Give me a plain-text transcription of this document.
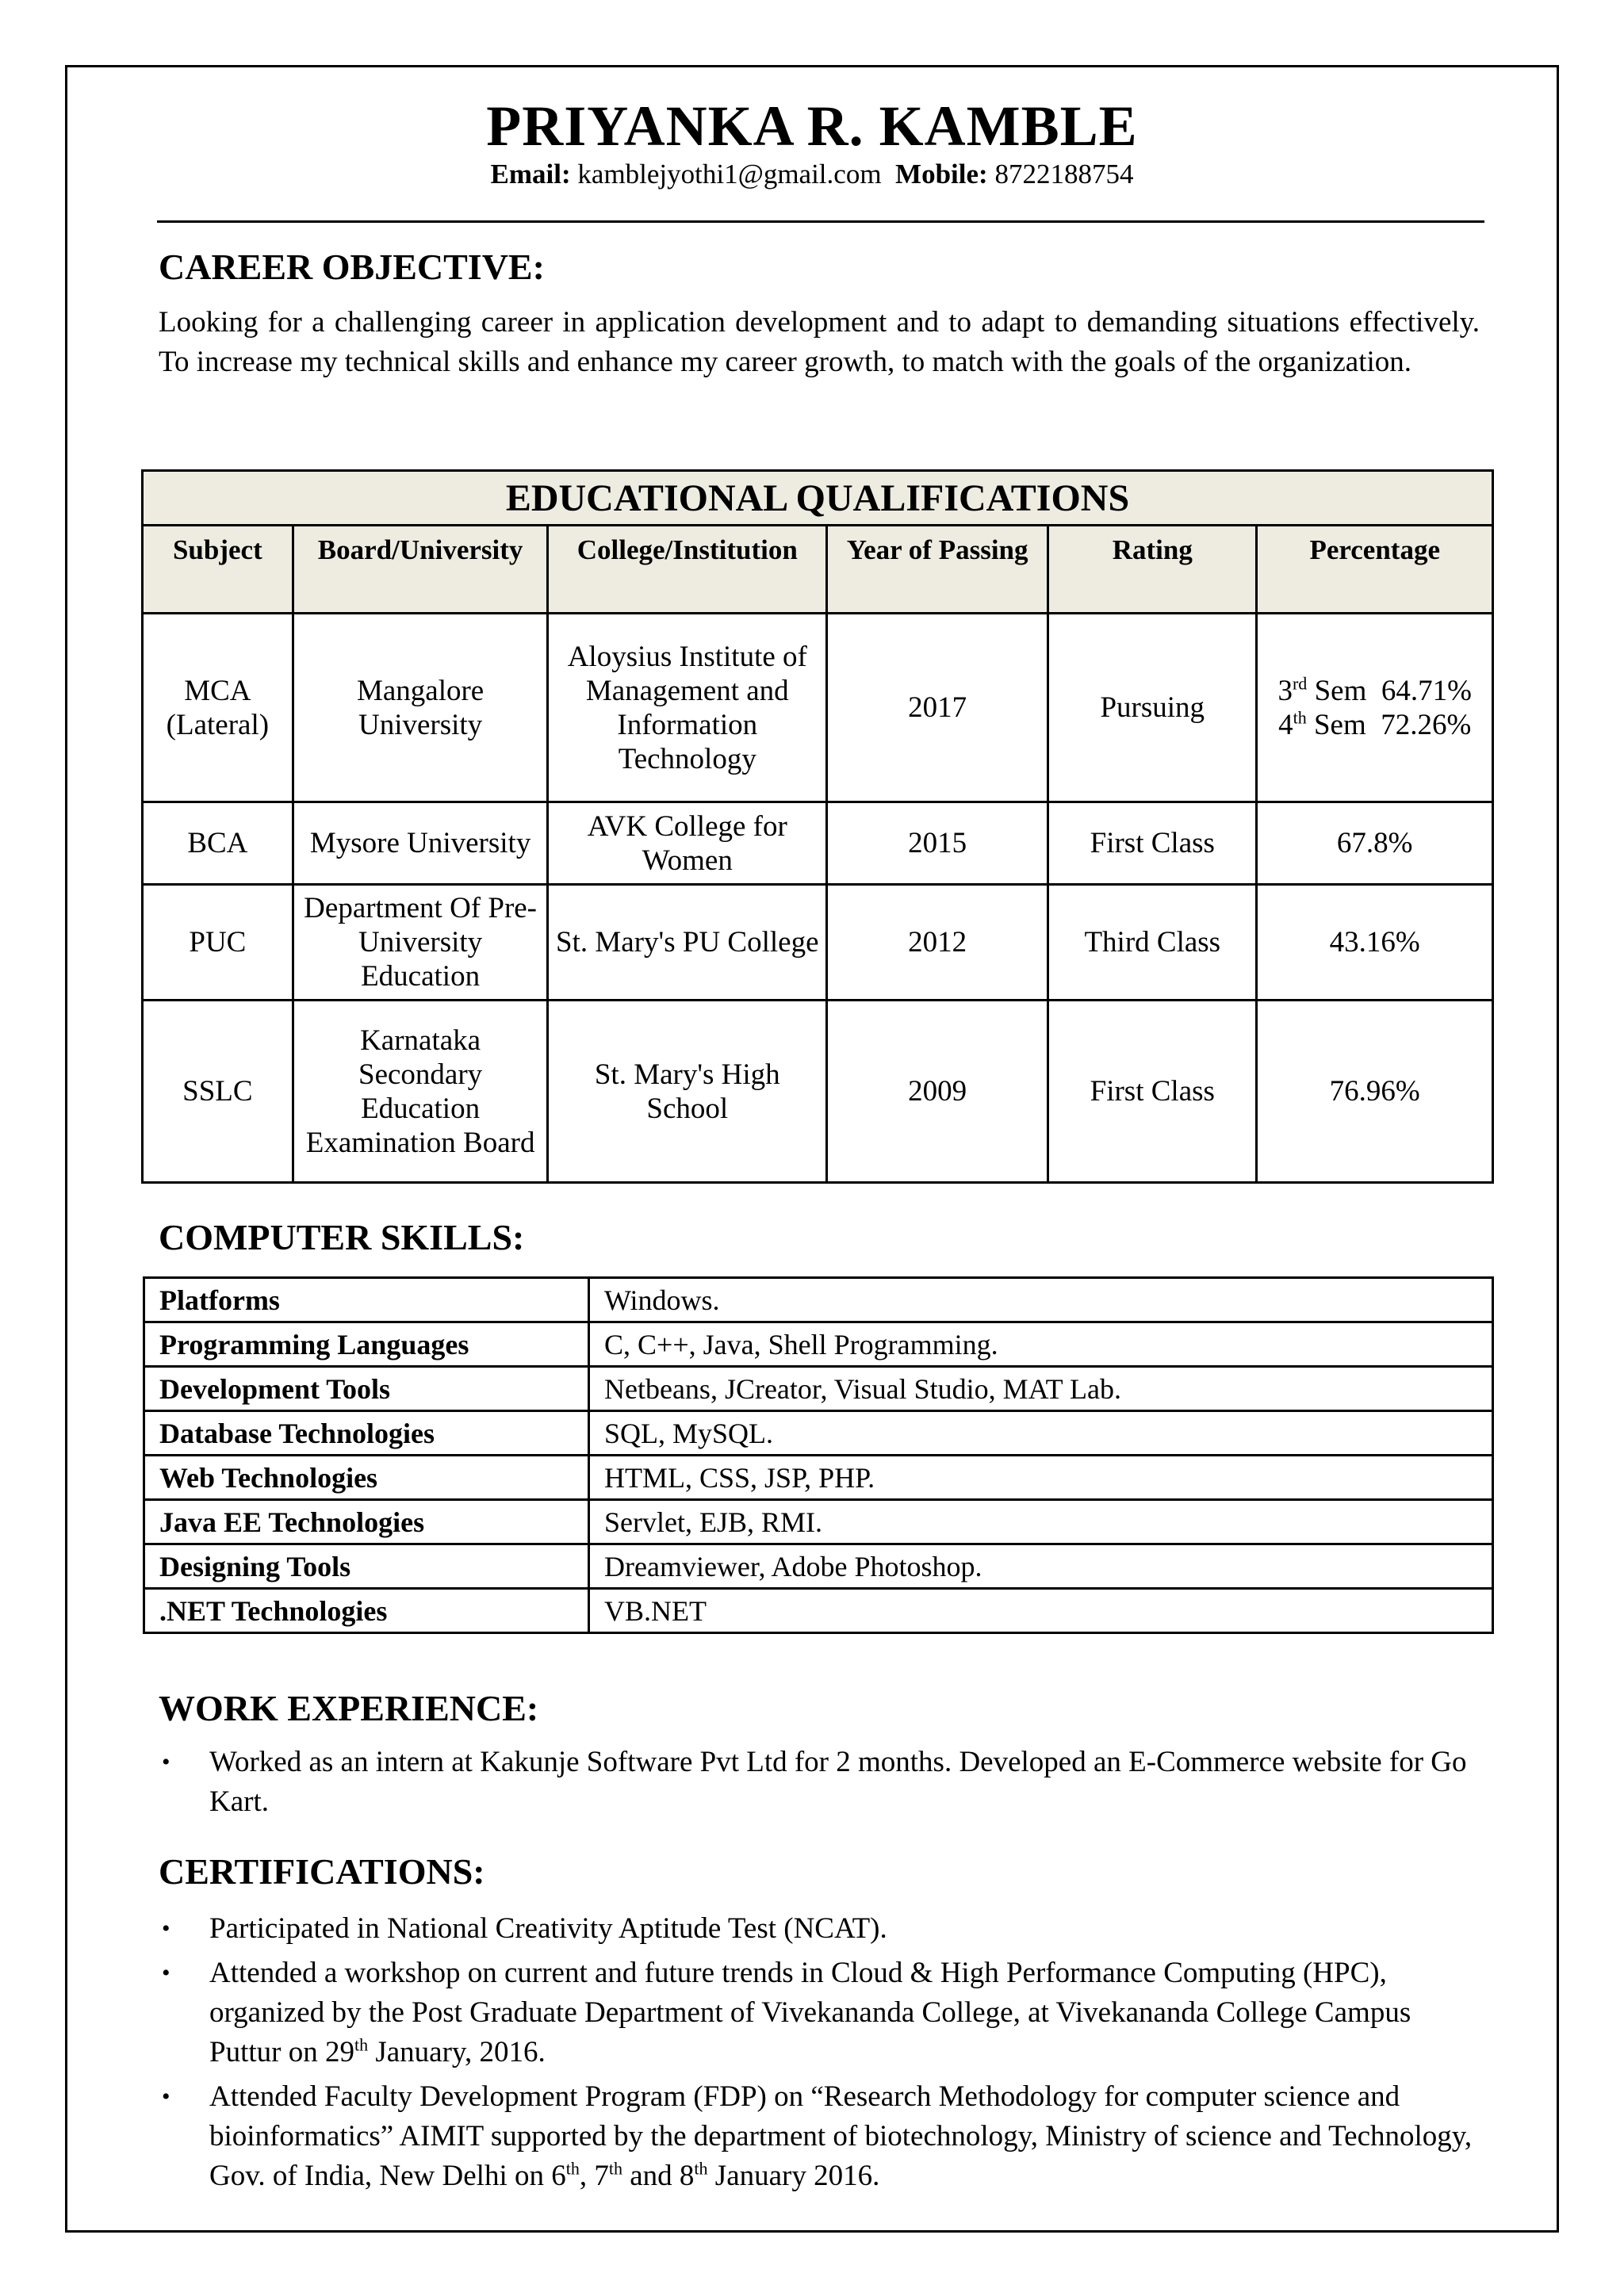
PRIYANKA R. KAMBLE
Email: kamblejyothi1@gmail.com Mobile: 8722188754
CAREER OBJECTIVE:
Looking for a challenging career in application development and to adapt to demanding situations effectively. To increase my technical skills and enhance my career growth, to match with the goals of the organization.
EDUCATIONAL QUALIFICATIONS					
Subject	Board/University	College/Institution	Year of Passing	Rating	Percentage
MCA (Lateral)	Mangalore University	Aloysius Institute of Management and Information Technology	2017	Pursuing	3rd Sem  64.71%
4th Sem  72.26%

BCA	Mysore University	AVK College for Women	2015	First Class	67.8%
PUC	Department Of Pre-University Education	St. Mary's PU College	2012	Third Class	43.16%
SSLC	Karnataka Secondary Education Examination Board	St. Mary's High School	2009	First Class	76.96%
COMPUTER SKILLS:
Platforms	Windows.
Programming Languages	C, C++, Java, Shell Programming.
Development Tools	Netbeans, JCreator, Visual Studio, MAT Lab.
Database Technologies	SQL, MySQL.
Web Technologies	HTML, CSS, JSP, PHP.
Java EE Technologies	Servlet, EJB, RMI.
Designing Tools	Dreamviewer, Adobe Photoshop.
.NET Technologies	VB.NET
WORK EXPERIENCE:
• Worked as an intern at Kakunje Software Pvt Ltd for 2 months. Developed an E-Commerce website for Go Kart.
CERTIFICATIONS:
• Participated in National Creativity Aptitude Test (NCAT).
• Attended a workshop on current and future trends in Cloud & High Performance Computing (HPC), organized by the Post Graduate Department of Vivekananda College, at Vivekananda College Campus Puttur on 29th January, 2016.
• Attended Faculty Development Program (FDP) on “Research Methodology for computer science and bioinformatics” AIMIT supported by the department of biotechnology, Ministry of science and Technology, Gov. of India, New Delhi on 6th, 7th and 8th January 2016.
